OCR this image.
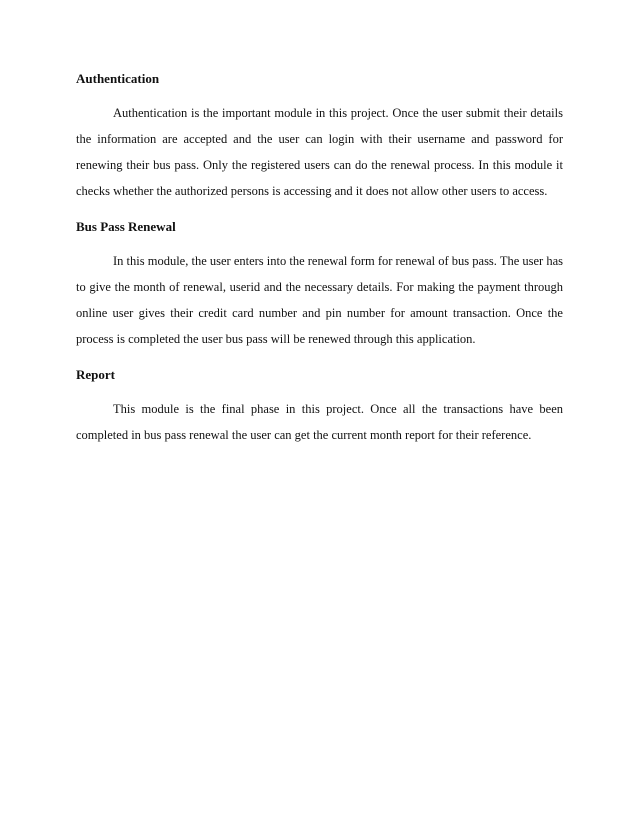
Authentication

Authentication is the important module in this project. Once the user submit their details the information are accepted and the user can login with their username and password for renewing their bus pass. Only the registered users can do the renewal process. In this module it checks whether the authorized persons is accessing and it does not allow other users to access.

Bus Pass Renewal

In this module, the user enters into the renewal form for renewal of bus pass. The user has to give the month of renewal, userid and the necessary details. For making the payment through online user gives their credit card number and pin number for amount transaction. Once the process is completed the user bus pass will be renewed through this application.

Report

This module is the final phase in this project. Once all the transactions have been completed in bus pass renewal the user can get the current month report for their reference.
